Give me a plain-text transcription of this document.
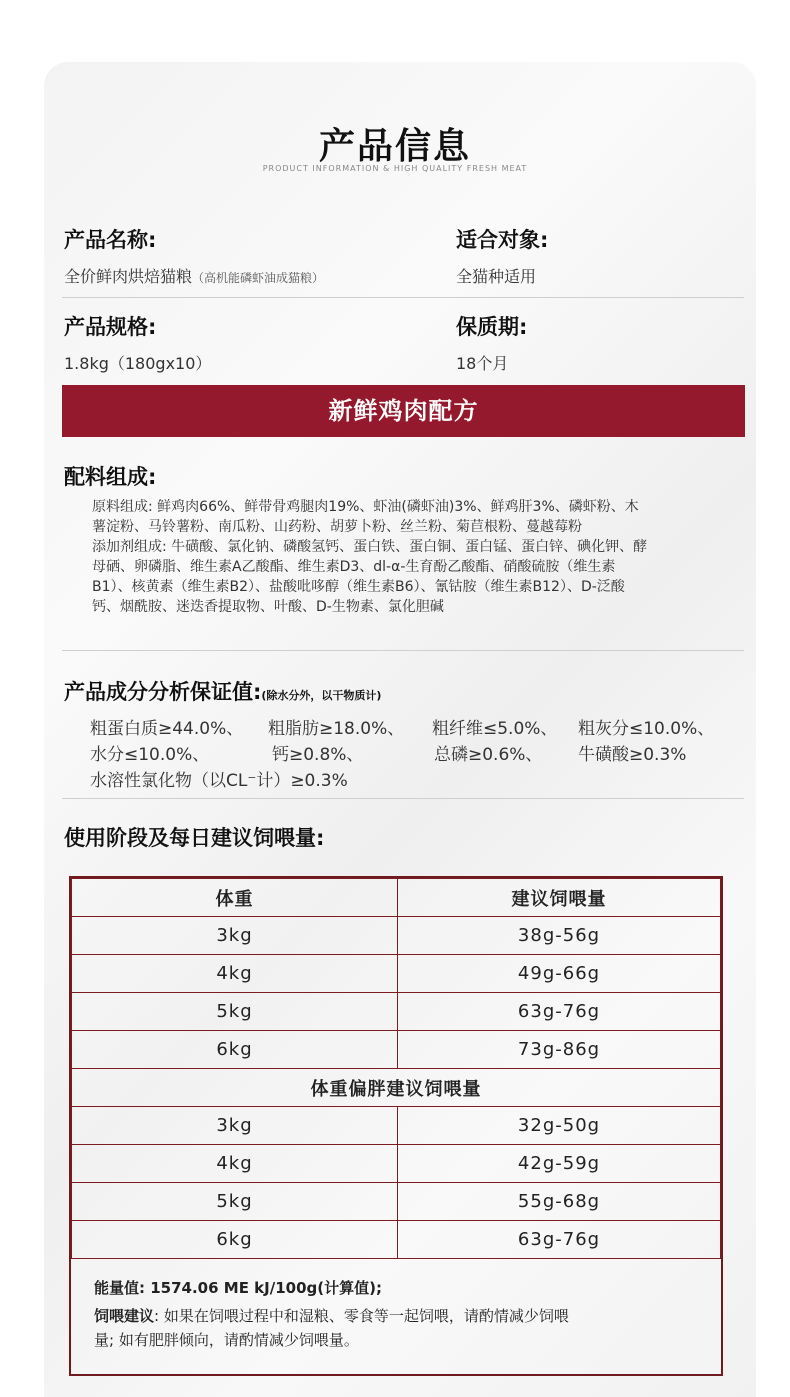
产品信息
PRODUCT INFORMATION & HIGH QUALITY FRESH MEAT
产品名称:
全价鲜肉烘焙猫粮（高机能磷虾油成猫粮）
适合对象:
全猫种适用
产品规格:
1.8kg（180gx10）
保质期:
18个月
新鲜鸡肉配方
配料组成:
原料组成: 鲜鸡肉66%、鲜带骨鸡腿肉19%、虾油(磷虾油)3%、鲜鸡肝3%、磷虾粉、木
薯淀粉、马铃薯粉、南瓜粉、山药粉、胡萝卜粉、丝兰粉、菊苣根粉、蔓越莓粉
添加剂组成: 牛磺酸、氯化钠、磷酸氢钙、蛋白铁、蛋白铜、蛋白锰、蛋白锌、碘化钾、酵
母硒、卵磷脂、维生素A乙酸酯、维生素D3、dl-α-生育酚乙酸酯、硝酸硫胺（维生素
B1）、核黄素（维生素B2）、盐酸吡哆醇（维生素B6）、氰钴胺（维生素B12）、D-泛酸
钙、烟酰胺、迷迭香提取物、叶酸、D-生物素、氯化胆碱
产品成分分析保证值:(除水分外，以干物质计)
粗蛋白质≥44.0%、 粗脂肪≥18.0%、 粗纤维≤5.0%、 粗灰分≤10.0%、
水分≤10.0%、	钙≥0.8%、	总磷≥0.6%、 牛磺酸≥0.3%
水溶性氯化物（以CL⁻计）≥0.3%
使用阶段及每日建议饲喂量:
体重	建议饲喂量
3kg	38g-56g
4kg	49g-66g
5kg	63g-76g
6kg	73g-86g
体重偏胖建议饲喂量	
3kg	32g-50g
4kg	42g-59g
5kg	55g-68g
6kg	63g-76g
能量值: 1574.06 ME kJ/100g(计算值);
饲喂建议: 如果在饲喂过程中和湿粮、零食等一起饲喂，请酌情减少饲喂
量; 如有肥胖倾向，请酌情减少饲喂量。
